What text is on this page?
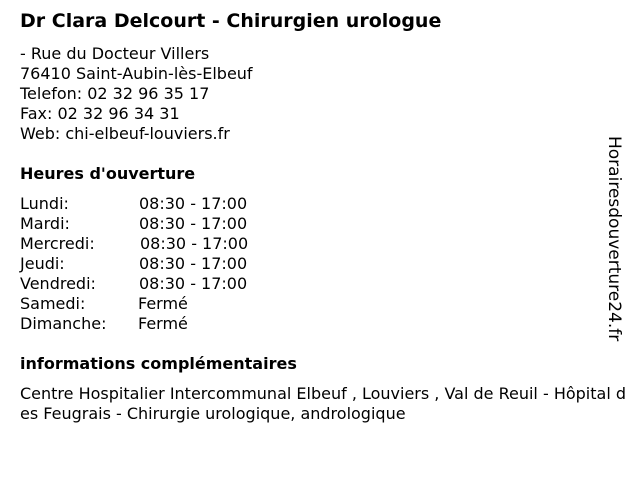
Dr Clara Delcourt - Chirurgien urologue
- Rue du Docteur Villers
76410 Saint-Aubin-lès-Elbeuf
Telefon: 02 32 96 35 17
Fax: 02 32 96 34 31
Web: chi-elbeuf-louviers.fr
Heures d'ouverture
Lundi:	08:30 - 17:00
Mardi:	08:30 - 17:00
Mercredi:	08:30 - 17:00
Jeudi:	08:30 - 17:00
Vendredi:	08:30 - 17:00
Samedi:	Fermé
Dimanche: Fermé
informations complémentaires
Centre Hospitalier Intercommunal Elbeuf , Louviers , Val de Reuil - Hôpital des Feugrais - Chirurgie urologique, andrologique
Horairesdouverture24.fr
